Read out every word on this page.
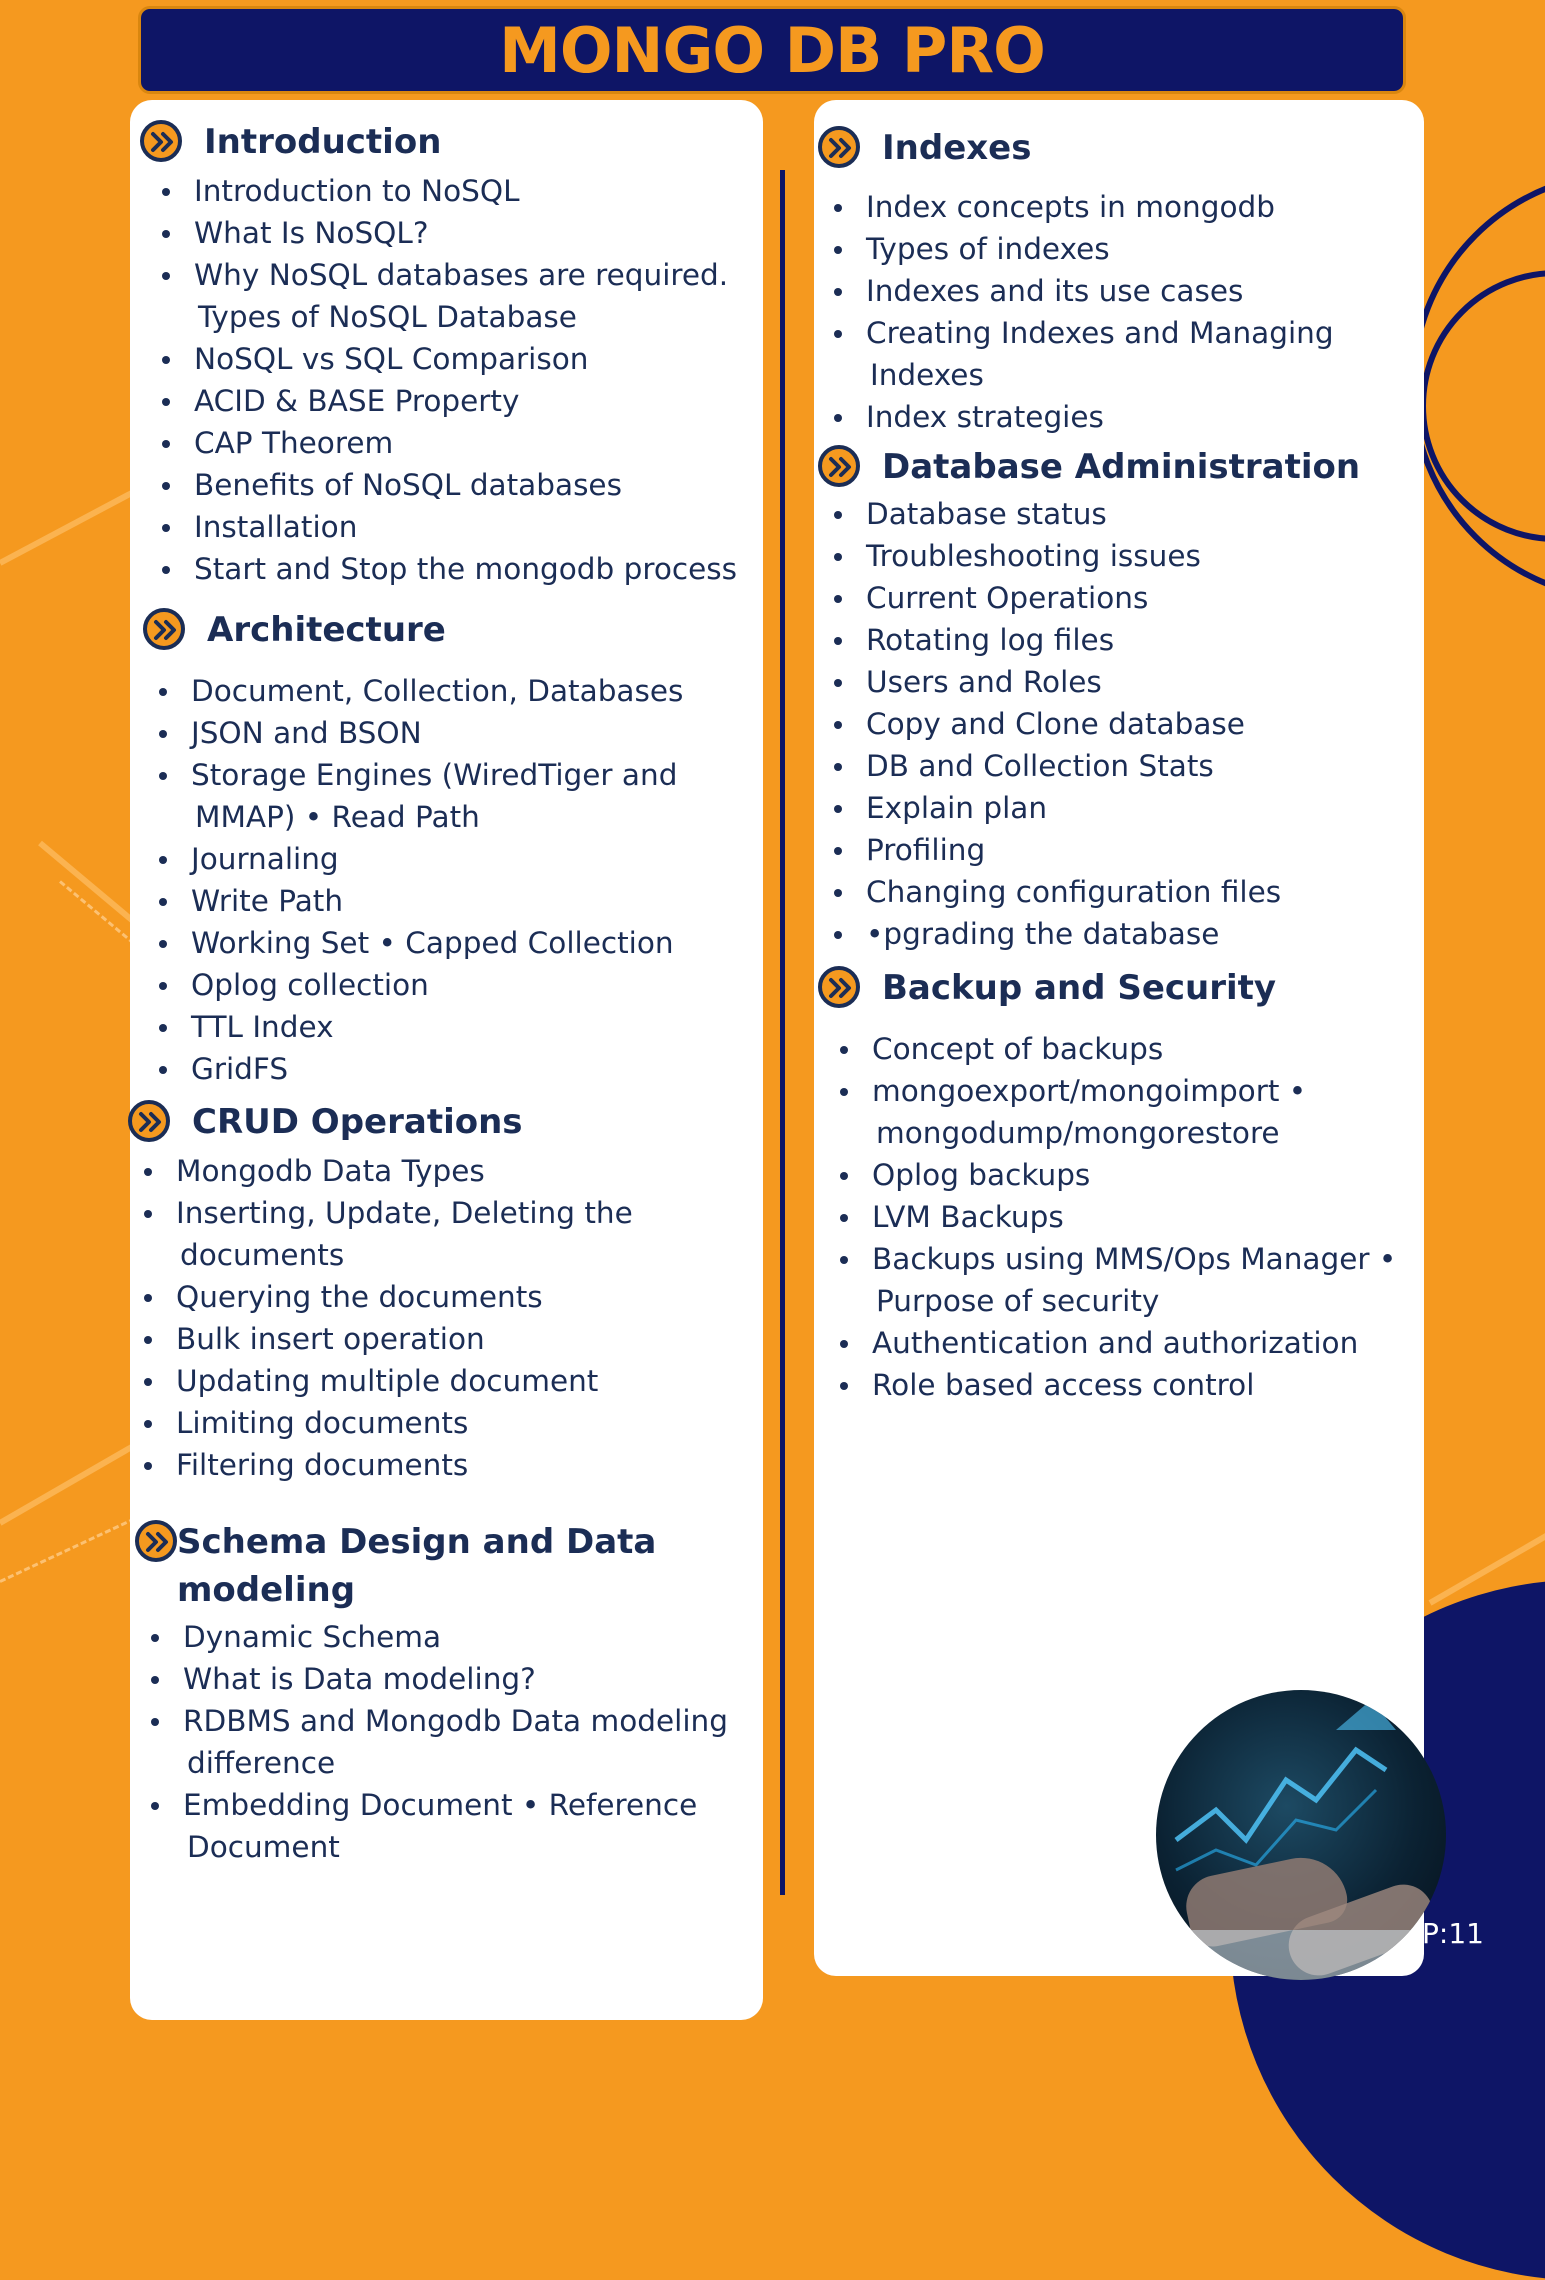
MONGO DB PRO
Introduction
Introduction to NoSQL
What Is NoSQL?
Why NoSQL databases are required.
Types of NoSQL Database
NoSQL vs SQL Comparison
ACID & BASE Property
CAP Theorem
Benefits of NoSQL databases
Installation
Start and Stop the mongodb process
Architecture
Document, Collection, Databases
JSON and BSON
Storage Engines (WiredTiger and
MMAP) • Read Path
Journaling
Write Path
Working Set • Capped Collection
Oplog collection
TTL Index
GridFS
CRUD Operations
Mongodb Data Types
Inserting, Update, Deleting the
documents
Querying the documents
Bulk insert operation
Updating multiple document
Limiting documents
Filtering documents
Schema Design and Data modeling
Dynamic Schema
What is Data modeling?
RDBMS and Mongodb Data modeling
difference
Embedding Document • Reference
Document
Indexes
Index concepts in mongodb
Types of indexes
Indexes and its use cases
Creating Indexes and Managing
Indexes
Index strategies
Database Administration
Database status
Troubleshooting issues
Current Operations
Rotating log files
Users and Roles
Copy and Clone database
DB and Collection Stats
Explain plan
Profiling
Changing configuration files
•pgrading the database
Backup and Security
Concept of backups
mongoexport/mongoimport •
mongodump/mongorestore
Oplog backups
LVM Backups
Backups using MMS/Ops Manager •
Purpose of security
Authentication and authorization
Role based access control
P:11
